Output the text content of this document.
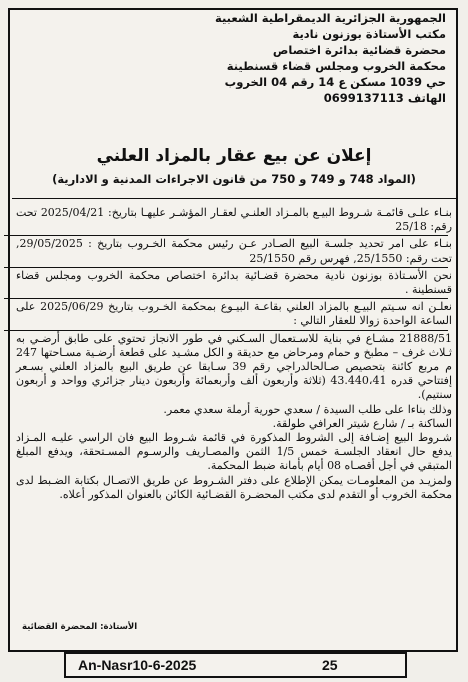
الجمهورية الجزائرية الديمقراطية الشعبية
مكتب الأستاذة بوزنون نادية
محضرة قضائية بدائرة اختصاص
محكمة الخروب ومجلس قضاء قسنطينة
حي 1039 مسكن ع 14 رقم 04 الخروب
الهاتف 0699137113
إعلان عن بيع عقار بالمزاد العلني
(المواد 748 و 749 و 750 من قانون الاجراءات المدنية و الادارية)

بنـاء علـى قائمـة شـروط البيـع بالمـزاد العلنـي لعقـار المؤشـر عليهـا بتاريخ: 2025/04/21 تحت رقم: 25/18

بنـاء على امر تحديد جلسـة البيع الصـادر عـن رئيس محكمة الخـروب بتاريخ : 29/05/2025, تحت رقم: 25/1550, فهرس رقم 25/1550

نحن الأسـتاذة بوزنون نادية محضرة قضـائية بدائرة اختصاص محكمة الخروب ومجلس قضاء قسنطينة .

نعلـن انه سـيتم البيـع بالمزاد العلني بقاعـة البيـوع بمحكمة الخـروب بتاريخ 2025/06/29 على الساعة الواحدة زوالا للعقار التالي :

21888/51 مشـاع في بناية للاسـتعمال السـكني في طور الانجاز تحتوي على طابق أرضـي به ثـلاث غرف – مطبخ و حمام ومرحاض مع حديقة و الكل مشـيد على قطعة أرضـية مسـاحتها 247 م مربع كائنة بتحصيص صـالحالدراجي رقم 39 سـابقا عن طريق البيع بالمزاد العلني بسـعر إفتتاحي قدره 43.440،41 (ثلاثة وأربعون ألف وأربعمائة وأربعون دينار جزائري وواحد و أربعون سنتيم).

وذلك بناءا على طلب السيدة / سعدي حورية أرملة سعدي معمر.

الساكنة بـ / شارع شيتر العرافي طولقة.

شـروط البيع إضـافة إلى الشروط المذكورة في قائمة شـروط البيع فان الراسي عليـه المـزاد يدفع حال انعقاد الجلسـة خمس 1/5 الثمن والمصـاريف والرسـوم المسـتحقة، ويدفع المبلغ المتبقي في أجل أقصـاه 08 أيام بأمانة ضبط المحكمة.

ولمزيـد من المعلومـات يمكن الإطلاع على دفتر الشـروط عن طريق الاتصـال بكتابة الضـبط لدى محكمة الخروب أو التقدم لدى مكتب المحضـرة القضـائية الكائن بالعنوان المذكور أعلاه.

الأستاذة: المحضرة القضائية
An-Nasr10-6-2025	25
